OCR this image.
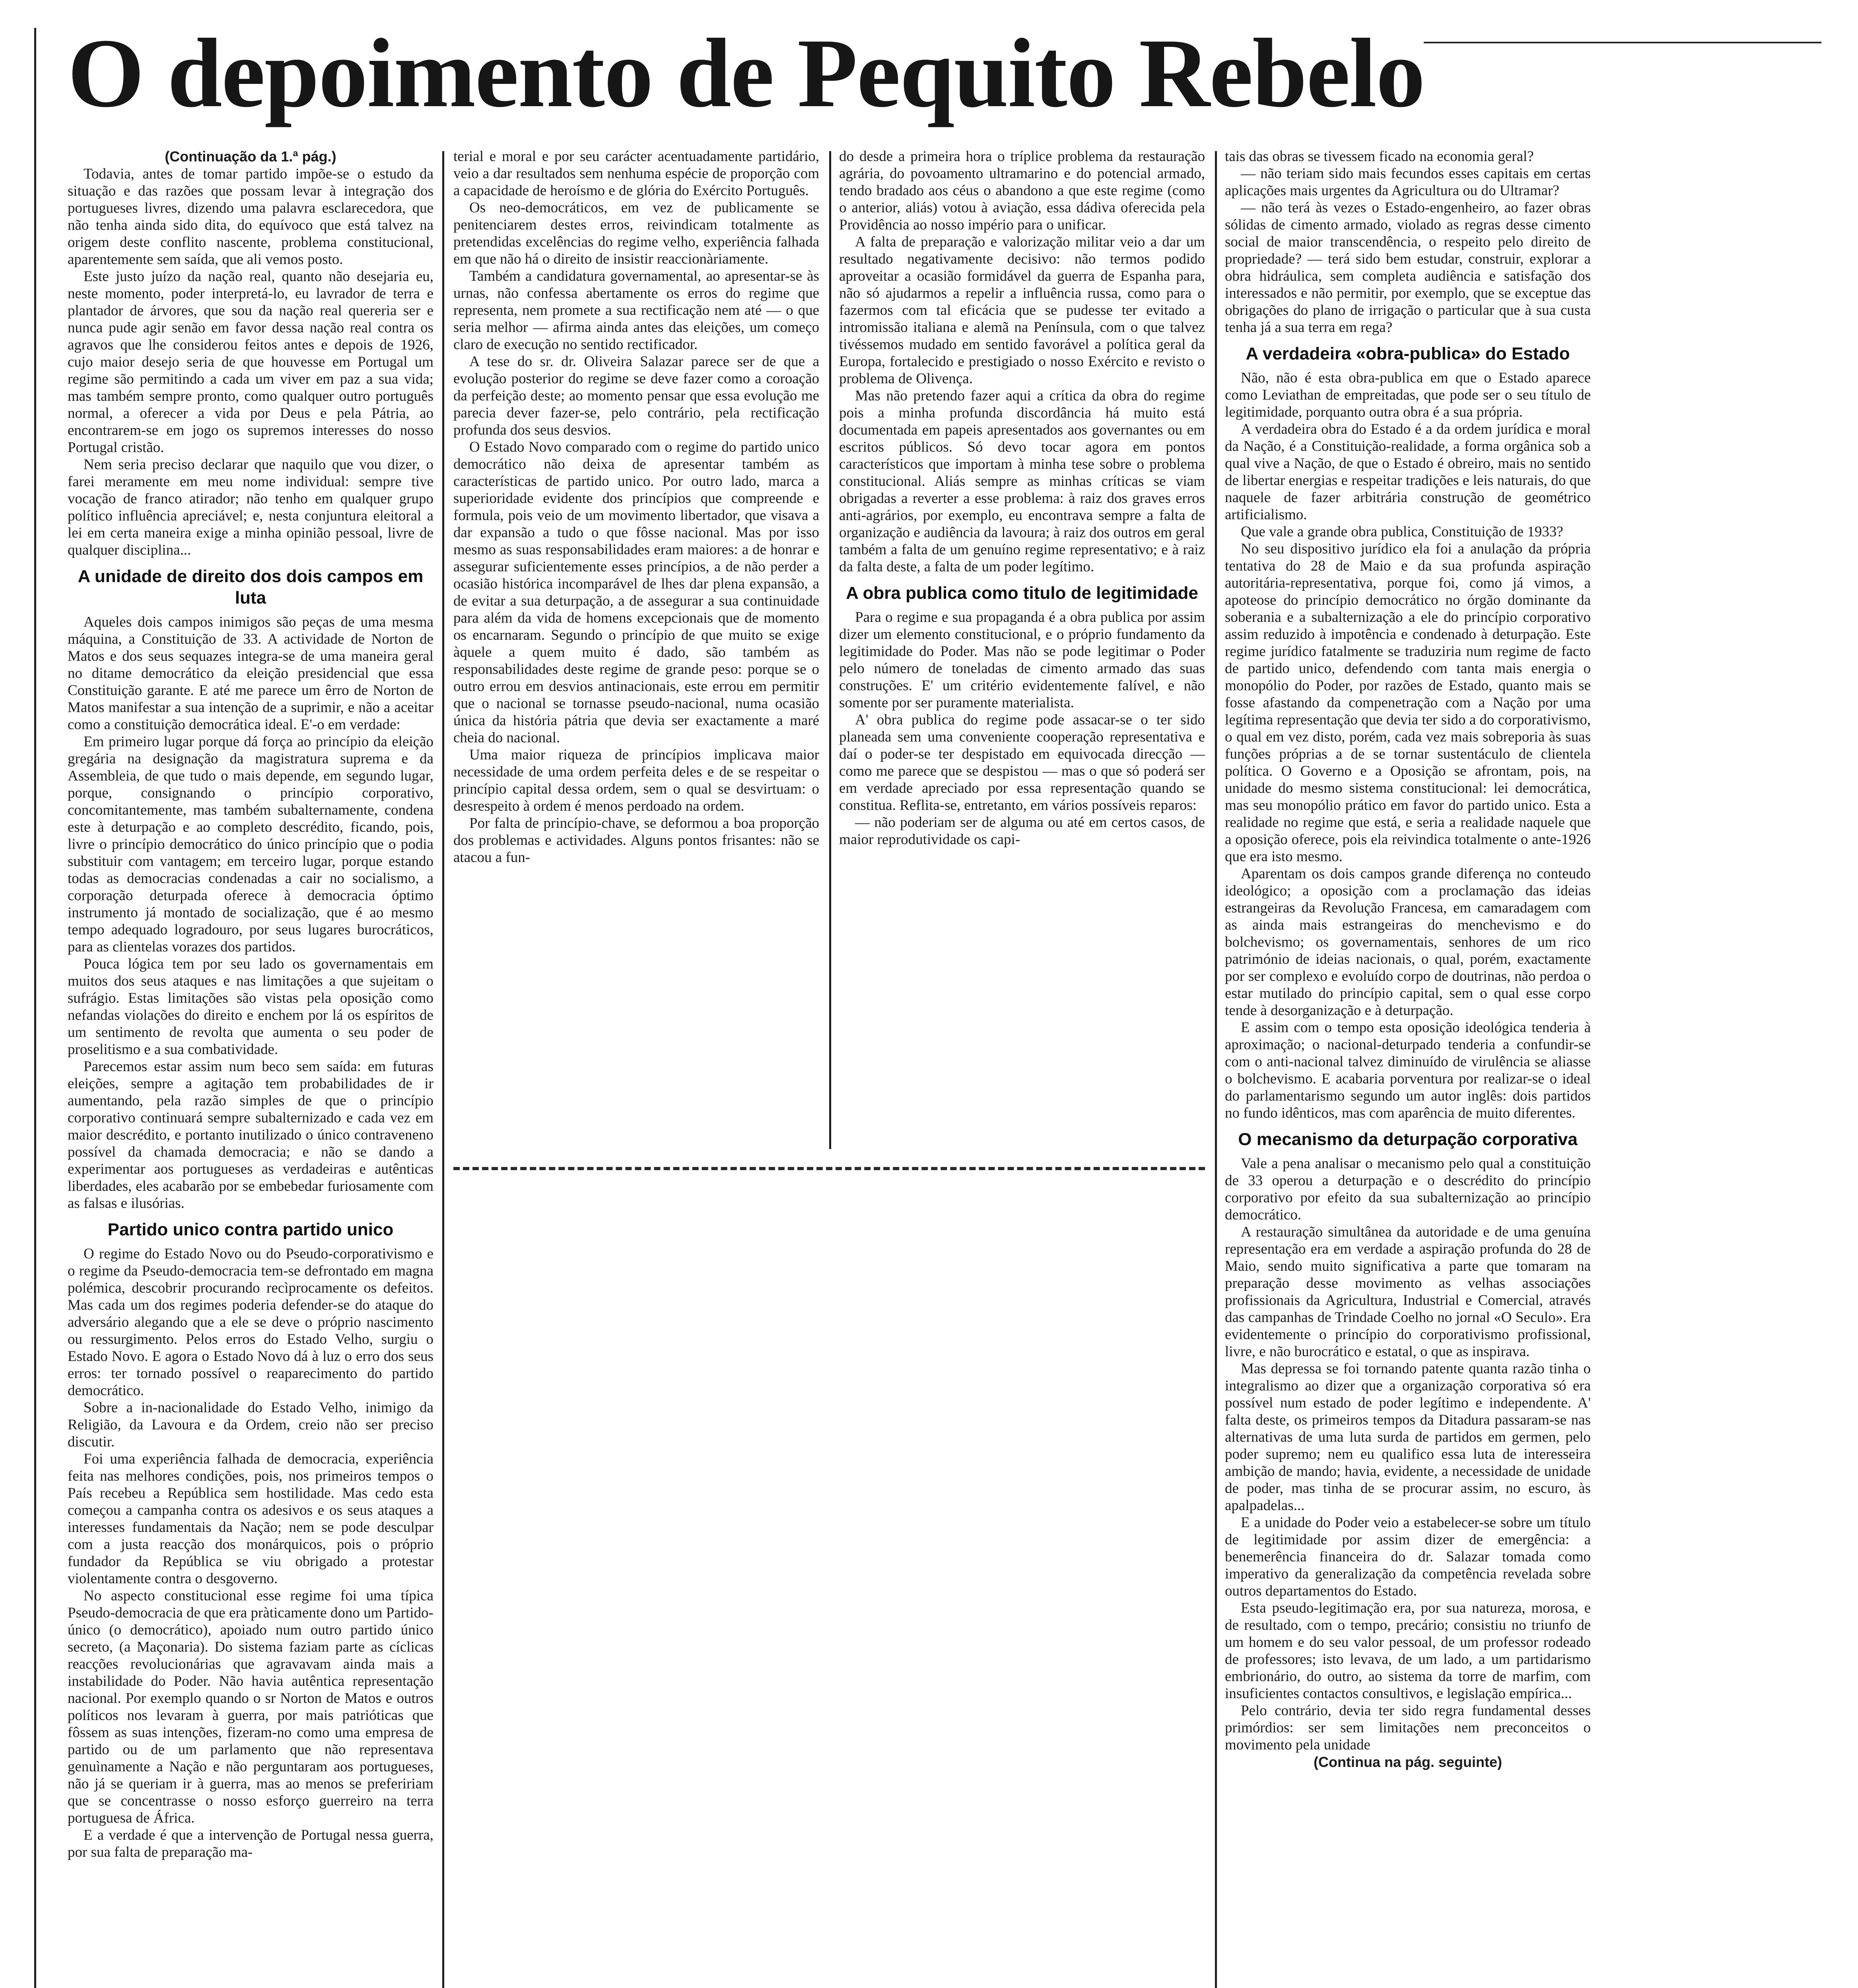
O depoimento de Pequito Rebelo

(Continuação da 1.ª pág.)

Todavia, antes de tomar partido impõe-se o estudo da situação e das razões que possam levar à integração dos portugueses livres, dizendo uma palavra esclarecedora, que não tenha ainda sido dita, do equívoco que está talvez na origem deste conflito nascente, problema constitucional, aparentemente sem saída, que ali vemos posto.

Este justo juízo da nação real, quanto não desejaria eu, neste momento, poder interpretá-lo, eu lavrador de terra e plantador de árvores, que sou da nação real quereria ser e nunca pude agir senão em favor dessa nação real contra os agravos que lhe considerou feitos antes e depois de 1926, cujo maior desejo seria de que houvesse em Portugal um regime são permitindo a cada um viver em paz a sua vida; mas também sempre pronto, como qualquer outro português normal, a oferecer a vida por Deus e pela Pátria, ao encontrarem-se em jogo os supremos interesses do nosso Portugal cristão.

Nem seria preciso declarar que naquilo que vou dizer, o farei meramente em meu nome individual: sempre tive vocação de franco atirador; não tenho em qualquer grupo político influência apreciável; e, nesta conjuntura eleitoral a lei em certa maneira exige a minha opinião pessoal, livre de qualquer disciplina...

A unidade de direito dos dois campos em luta

Aqueles dois campos inimigos são peças de uma mesma máquina, a Constituição de 33. A actividade de Norton de Matos e dos seus sequazes integra-se de uma maneira geral no ditame democrático da eleição presidencial que essa Constituição garante. E até me parece um êrro de Norton de Matos manifestar a sua intenção de a suprimir, e não a aceitar como a constituição democrática ideal. E'-o em verdade:

Em primeiro lugar porque dá força ao princípio da eleição gregária na designação da magistratura suprema e da Assembleia, de que tudo o mais depende, em segundo lugar, porque, consignando o princípio corporativo, concomitantemente, mas também subalternamente, condena este à deturpação e ao completo descrédito, ficando, pois, livre o princípio democrático do único princípio que o podia substituir com vantagem; em terceiro lugar, porque estando todas as democracias condenadas a cair no socialismo, a corporação deturpada oferece à democracia óptimo instrumento já montado de socialização, que é ao mesmo tempo adequado logradouro, por seus lugares burocráticos, para as clientelas vorazes dos partidos.

Pouca lógica tem por seu lado os governamentais em muitos dos seus ataques e nas limitações a que sujeitam o sufrágio. Estas limitações são vistas pela oposição como nefandas violações do direito e enchem por lá os espíritos de um sentimento de revolta que aumenta o seu poder de proselitismo e a sua combatividade.

Parecemos estar assim num beco sem saída: em futuras eleições, sempre a agitação tem probabilidades de ir aumentando, pela razão simples de que o princípio corporativo continuará sempre subalternizado e cada vez em maior descrédito, e portanto inutilizado o único contraveneno possível da chamada democracia; e não se dando a experimentar aos portugueses as verdadeiras e autênticas liberdades, eles acabarão por se embebedar furiosamente com as falsas e ilusórias.

Partido unico contra partido unico

O regime do Estado Novo ou do Pseudo-corporativismo e o regime da Pseudo-democracia tem-se defrontado em magna polémica, descobrir procurando recìprocamente os defeitos. Mas cada um dos regimes poderia defender-se do ataque do adversário alegando que a ele se deve o próprio nascimento ou ressurgimento. Pelos erros do Estado Velho, surgiu o Estado Novo. E agora o Estado Novo dá à luz o erro dos seus erros: ter tornado possível o reaparecimento do partido democrático.

Sobre a in-nacionalidade do Estado Velho, inimigo da Religião, da Lavoura e da Ordem, creio não ser preciso discutir.

Foi uma experiência falhada de democracia, experiência feita nas melhores condições, pois, nos primeiros tempos o País recebeu a República sem hostilidade. Mas cedo esta começou a campanha contra os adesivos e os seus ataques a interesses fundamentais da Nação; nem se pode desculpar com a justa reacção dos monárquicos, pois o próprio fundador da República se viu obrigado a protestar violentamente contra o desgoverno.

No aspecto constitucional esse regime foi uma típica Pseudo-democracia de que era pràticamente dono um Partido-único (o democrático), apoiado num outro partido único secreto, (a Maçonaria). Do sistema faziam parte as cíclicas reacções revolucionárias que agravavam ainda mais a instabilidade do Poder. Não havia autêntica representação nacional. Por exemplo quando o sr Norton de Matos e outros políticos nos levaram à guerra, por mais patrióticas que fôssem as suas intenções, fizeram-no como uma empresa de partido ou de um parlamento que não representava genuìnamente a Nação e não perguntaram aos portugueses, não já se queriam ir à guerra, mas ao menos se prefeririam que se concentrasse o nosso esforço guerreiro na terra portuguesa de África.

E a verdade é que a intervenção de Portugal nessa guerra, por sua falta de preparação ma-

terial e moral e por seu carácter acentuadamente partidário, veio a dar resultados sem nenhuma espécie de proporção com a capacidade de heroísmo e de glória do Exército Português.

Os neo-democráticos, em vez de publicamente se penitenciarem destes erros, reivindicam totalmente as pretendidas excelências do regime velho, experiência falhada em que não há o direito de insistir reaccionàriamente.

Também a candidatura governamental, ao apresentar-se às urnas, não confessa abertamente os erros do regime que representa, nem promete a sua rectificação nem até — o que seria melhor — afirma ainda antes das eleições, um começo claro de execução no sentido rectificador.

A tese do sr. dr. Oliveira Salazar parece ser de que a evolução posterior do regime se deve fazer como a coroação da perfeição deste; ao momento pensar que essa evolução me parecia dever fazer-se, pelo contrário, pela rectificação profunda dos seus desvios.

O Estado Novo comparado com o regime do partido unico democrático não deixa de apresentar também as características de partido unico. Por outro lado, marca a superioridade evidente dos princípios que compreende e formula, pois veio de um movimento libertador, que visava a dar expansão a tudo o que fôsse nacional. Mas por isso mesmo as suas responsabilidades eram maiores: a de honrar e assegurar suficientemente esses princípios, a de não perder a ocasião histórica incomparável de lhes dar plena expansão, a de evitar a sua deturpação, a de assegurar a sua continuidade para além da vida de homens excepcionais que de momento os encarnaram. Segundo o princípio de que muito se exige àquele a quem muito é dado, são também as responsabilidades deste regime de grande peso: porque se o outro errou em desvios antinacionais, este errou em permitir que o nacional se tornasse pseudo-nacional, numa ocasião única da história pátria que devia ser exactamente a maré cheia do nacional.

Uma maior riqueza de princípios implicava maior necessidade de uma ordem perfeita deles e de se respeitar o princípio capital dessa ordem, sem o qual se desvirtuam: o desrespeito à ordem é menos perdoado na ordem.

Por falta de princípio-chave, se deformou a boa proporção dos problemas e actividades. Alguns pontos frisantes: não se atacou a fun-

do desde a primeira hora o tríplice problema da restauração agrária, do povoamento ultramarino e do potencial armado, tendo bradado aos céus o abandono a que este regime (como o anterior, aliás) votou à aviação, essa dádiva oferecida pela Providência ao nosso império para o unificar.

A falta de preparação e valorização militar veio a dar um resultado negativamente decisivo: não termos podido aproveitar a ocasião formidável da guerra de Espanha para, não só ajudarmos a repelir a influência russa, como para o fazermos com tal eficácia que se pudesse ter evitado a intromissão italiana e alemã na Península, com o que talvez tivéssemos mudado em sentido favorável a política geral da Europa, fortalecido e prestigiado o nosso Exército e revisto o problema de Olivença.

Mas não pretendo fazer aqui a crítica da obra do regime pois a minha profunda discordância há muito está documentada em papeis apresentados aos governantes ou em escritos públicos. Só devo tocar agora em pontos característicos que importam à minha tese sobre o problema constitucional. Aliás sempre as minhas críticas se viam obrigadas a reverter a esse problema: à raiz dos graves erros anti-agrários, por exemplo, eu encontrava sempre a falta de organização e audiência da lavoura; à raiz dos outros em geral também a falta de um genuíno regime representativo; e à raiz da falta deste, a falta de um poder legítimo.

A obra publica como titulo de legitimidade

Para o regime e sua propaganda é a obra publica por assim dizer um elemento constitucional, e o próprio fundamento da legitimidade do Poder. Mas não se pode legitimar o Poder pelo número de toneladas de cimento armado das suas construções. E' um critério evidentemente falível, e não somente por ser puramente materialista.

A' obra publica do regime pode assacar-se o ter sido planeada sem uma conveniente cooperação representativa e daí o poder-se ter despistado em equivocada direcção — como me parece que se despistou — mas o que só poderá ser em verdade apreciado por essa representação quando se constitua. Reflita-se, entretanto, em vários possíveis reparos:

— não poderiam ser de alguma ou até em certos casos, de maior reprodutividade os capi-

tais das obras se tivessem ficado na economia geral?

— não teriam sido mais fecundos esses capitais em certas aplicações mais urgentes da Agricultura ou do Ultramar?

— não terá às vezes o Estado-engenheiro, ao fazer obras sólidas de cimento armado, violado as regras desse cimento social de maior transcendência, o respeito pelo direito de propriedade? — terá sido bem estudar, construir, explorar a obra hidráulica, sem completa audiência e satisfação dos interessados e não permitir, por exemplo, que se exceptue das obrigações do plano de irrigação o particular que à sua custa tenha já a sua terra em rega?

A verdadeira «obra-publica» do Estado

Não, não é esta obra-publica em que o Estado aparece como Leviathan de empreitadas, que pode ser o seu título de legitimidade, porquanto outra obra é a sua própria.

A verdadeira obra do Estado é a da ordem jurídica e moral da Nação, é a Constituição-realidade, a forma orgânica sob a qual vive a Nação, de que o Estado é obreiro, mais no sentido de libertar energias e respeitar tradições e leis naturais, do que naquele de fazer arbitrária construção de geométrico artificialismo.

Que vale a grande obra publica, Constituição de 1933?

No seu dispositivo jurídico ela foi a anulação da própria tentativa do 28 de Maio e da sua profunda aspiração autoritária-representativa, porque foi, como já vimos, a apoteose do princípio democrático no órgão dominante da soberania e a subalternização a ele do princípio corporativo assim reduzido à impotência e condenado à deturpação. Este regime jurídico fatalmente se traduziria num regime de facto de partido unico, defendendo com tanta mais energia o monopólio do Poder, por razões de Estado, quanto mais se fosse afastando da compenetração com a Nação por uma legítima representação que devia ter sido a do corporativismo, o qual em vez disto, porém, cada vez mais sobreporia às suas funções próprias a de se tornar sustentáculo de clientela política. O Governo e a Oposição se afrontam, pois, na unidade do mesmo sistema constitucional: lei democrática, mas seu monopólio prático em favor do partido unico. Esta a realidade no regime que está, e seria a realidade naquele que a oposição oferece, pois ela reivindica totalmente o ante-1926 que era isto mesmo.

Aparentam os dois campos grande diferença no conteudo ideológico; a oposição com a proclamação das ideias estrangeiras da Revolução Francesa, em camaradagem com as ainda mais estrangeiras do menchevismo e do bolchevismo; os governamentais, senhores de um rico património de ideias nacionais, o qual, porém, exactamente por ser complexo e evoluído corpo de doutrinas, não perdoa o estar mutilado do princípio capital, sem o qual esse corpo tende à desorganização e à deturpação.

E assim com o tempo esta oposição ideológica tenderia à aproximação; o nacional-deturpado tenderia a confundir-se com o anti-nacional talvez diminuído de virulência se aliasse o bolchevismo. E acabaria porventura por realizar-se o ideal do parlamentarismo segundo um autor inglês: dois partidos no fundo idênticos, mas com aparência de muito diferentes.

O mecanismo da deturpação corporativa

Vale a pena analisar o mecanismo pelo qual a constituição de 33 operou a deturpação e o descrédito do princípio corporativo por efeito da sua subalternização ao princípio democrático.

A restauração simultânea da autoridade e de uma genuína representação era em verdade a aspiração profunda do 28 de Maio, sendo muito significativa a parte que tomaram na preparação desse movimento as velhas associações profissionais da Agricultura, Industrial e Comercial, através das campanhas de Trindade Coelho no jornal «O Seculo». Era evidentemente o princípio do corporativismo profissional, livre, e não burocrático e estatal, o que as inspirava.

Mas depressa se foi tornando patente quanta razão tinha o integralismo ao dizer que a organização corporativa só era possível num estado de poder legítimo e independente. A' falta deste, os primeiros tempos da Ditadura passaram-se nas alternativas de uma luta surda de partidos em germen, pelo poder supremo; nem eu qualifico essa luta de interesseira ambição de mando; havia, evidente, a necessidade de unidade de poder, mas tinha de se procurar assim, no escuro, às apalpadelas...

E a unidade do Poder veio a estabelecer-se sobre um título de legitimidade por assim dizer de emergência: a benemerência financeira do dr. Salazar tomada como imperativo da generalização da competência revelada sobre outros departamentos do Estado.

Esta pseudo-legitimação era, por sua natureza, morosa, e de resultado, com o tempo, precário; consistiu no triunfo de um homem e do seu valor pessoal, de um professor rodeado de professores; isto levava, de um lado, a um partidarismo embrionário, do outro, ao sistema da torre de marfim, com insuficientes contactos consultivos, e legislação empírica...

Pelo contrário, devia ter sido regra fundamental desses primórdios: ser sem limitações nem preconceitos o movimento pela unidade

(Continua na pág. seguinte)
